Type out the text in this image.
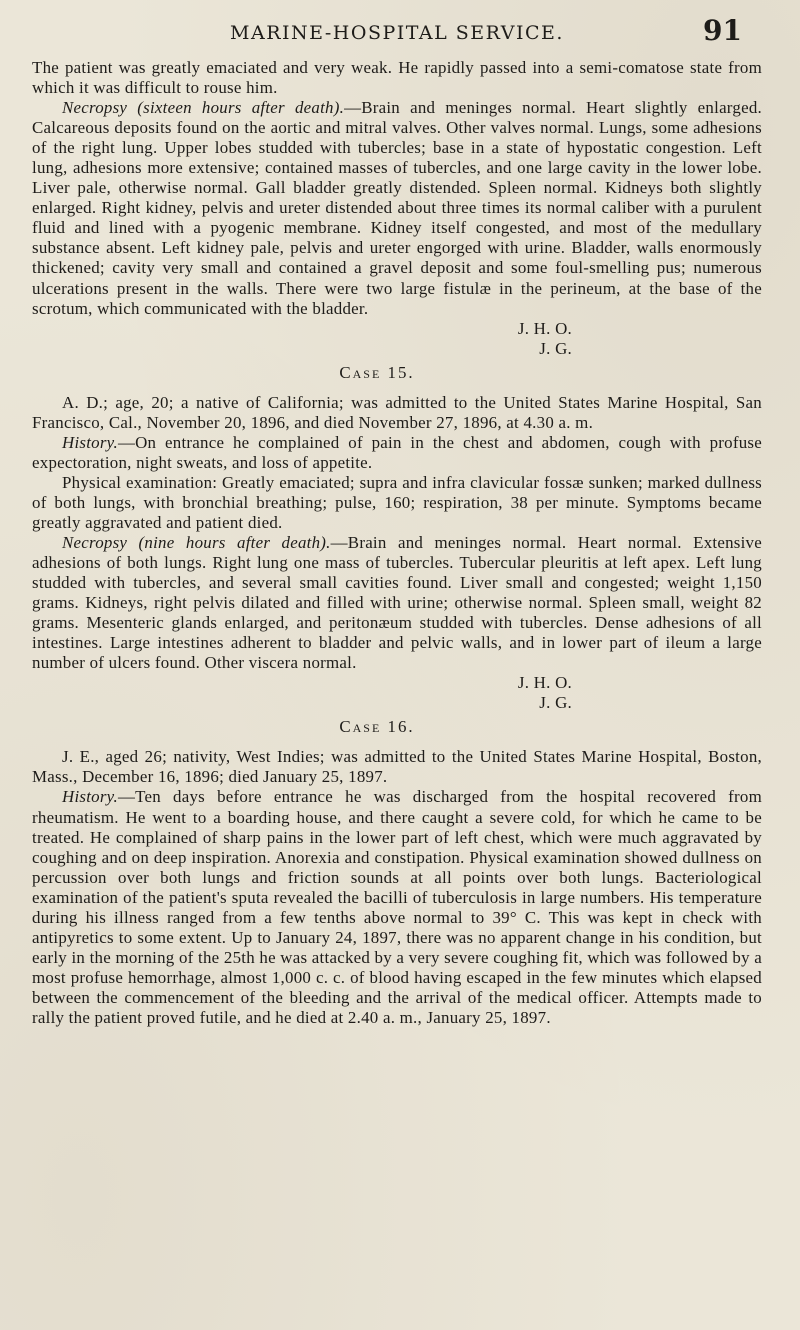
MARINE-HOSPITAL SERVICE.	91

The patient was greatly emaciated and very weak. He rapidly passed into a semi-comatose state from which it was difficult to rouse him.

Necropsy (sixteen hours after death).—Brain and meninges normal. Heart slightly enlarged. Calcareous deposits found on the aortic and mitral valves. Other valves normal. Lungs, some adhesions of the right lung. Upper lobes studded with tubercles; base in a state of hypostatic congestion. Left lung, adhesions more extensive; contained masses of tubercles, and one large cavity in the lower lobe. Liver pale, otherwise normal. Gall bladder greatly distended. Spleen normal. Kidneys both slightly enlarged. Right kidney, pelvis and ureter distended about three times its normal caliber with a purulent fluid and lined with a pyogenic membrane. Kidney itself congested, and most of the medullary substance absent. Left kidney pale, pelvis and ureter engorged with urine. Bladder, walls enormously thickened; cavity very small and contained a gravel deposit and some foul-smelling pus; numerous ulcerations present in the walls. There were two large fistulæ in the perineum, at the base of the scrotum, which communicated with the bladder.

J. H. O.
J. G.
Case 15.

A. D.; age, 20; a native of California; was admitted to the United States Marine Hospital, San Francisco, Cal., November 20, 1896, and died November 27, 1896, at 4.30 a. m.

History.—On entrance he complained of pain in the chest and abdomen, cough with profuse expectoration, night sweats, and loss of appetite.

Physical examination: Greatly emaciated; supra and infra clavicular fossæ sunken; marked dullness of both lungs, with bronchial breathing; pulse, 160; respiration, 38 per minute. Symptoms became greatly aggravated and patient died.

Necropsy (nine hours after death).—Brain and meninges normal. Heart normal. Extensive adhesions of both lungs. Right lung one mass of tubercles. Tubercular pleuritis at left apex. Left lung studded with tubercles, and several small cavities found. Liver small and congested; weight 1,150 grams. Kidneys, right pelvis dilated and filled with urine; otherwise normal. Spleen small, weight 82 grams. Mesenteric glands enlarged, and peritonæum studded with tubercles. Dense adhesions of all intestines. Large intestines adherent to bladder and pelvic walls, and in lower part of ileum a large number of ulcers found. Other viscera normal.

J. H. O.
J. G.
Case 16.

J. E., aged 26; nativity, West Indies; was admitted to the United States Marine Hospital, Boston, Mass., December 16, 1896; died January 25, 1897.

History.—Ten days before entrance he was discharged from the hospital recovered from rheumatism. He went to a boarding house, and there caught a severe cold, for which he came to be treated. He complained of sharp pains in the lower part of left chest, which were much aggravated by coughing and on deep inspiration. Anorexia and constipation. Physical examination showed dullness on percussion over both lungs and friction sounds at all points over both lungs. Bacteriological examination of the patient's sputa revealed the bacilli of tuberculosis in large numbers. His temperature during his illness ranged from a few tenths above normal to 39° C. This was kept in check with antipyretics to some extent. Up to January 24, 1897, there was no apparent change in his condition, but early in the morning of the 25th he was attacked by a very severe coughing fit, which was followed by a most profuse hemorrhage, almost 1,000 c. c. of blood having escaped in the few minutes which elapsed between the commencement of the bleeding and the arrival of the medical officer. Attempts made to rally the patient proved futile, and he died at 2.40 a. m., January 25, 1897.
